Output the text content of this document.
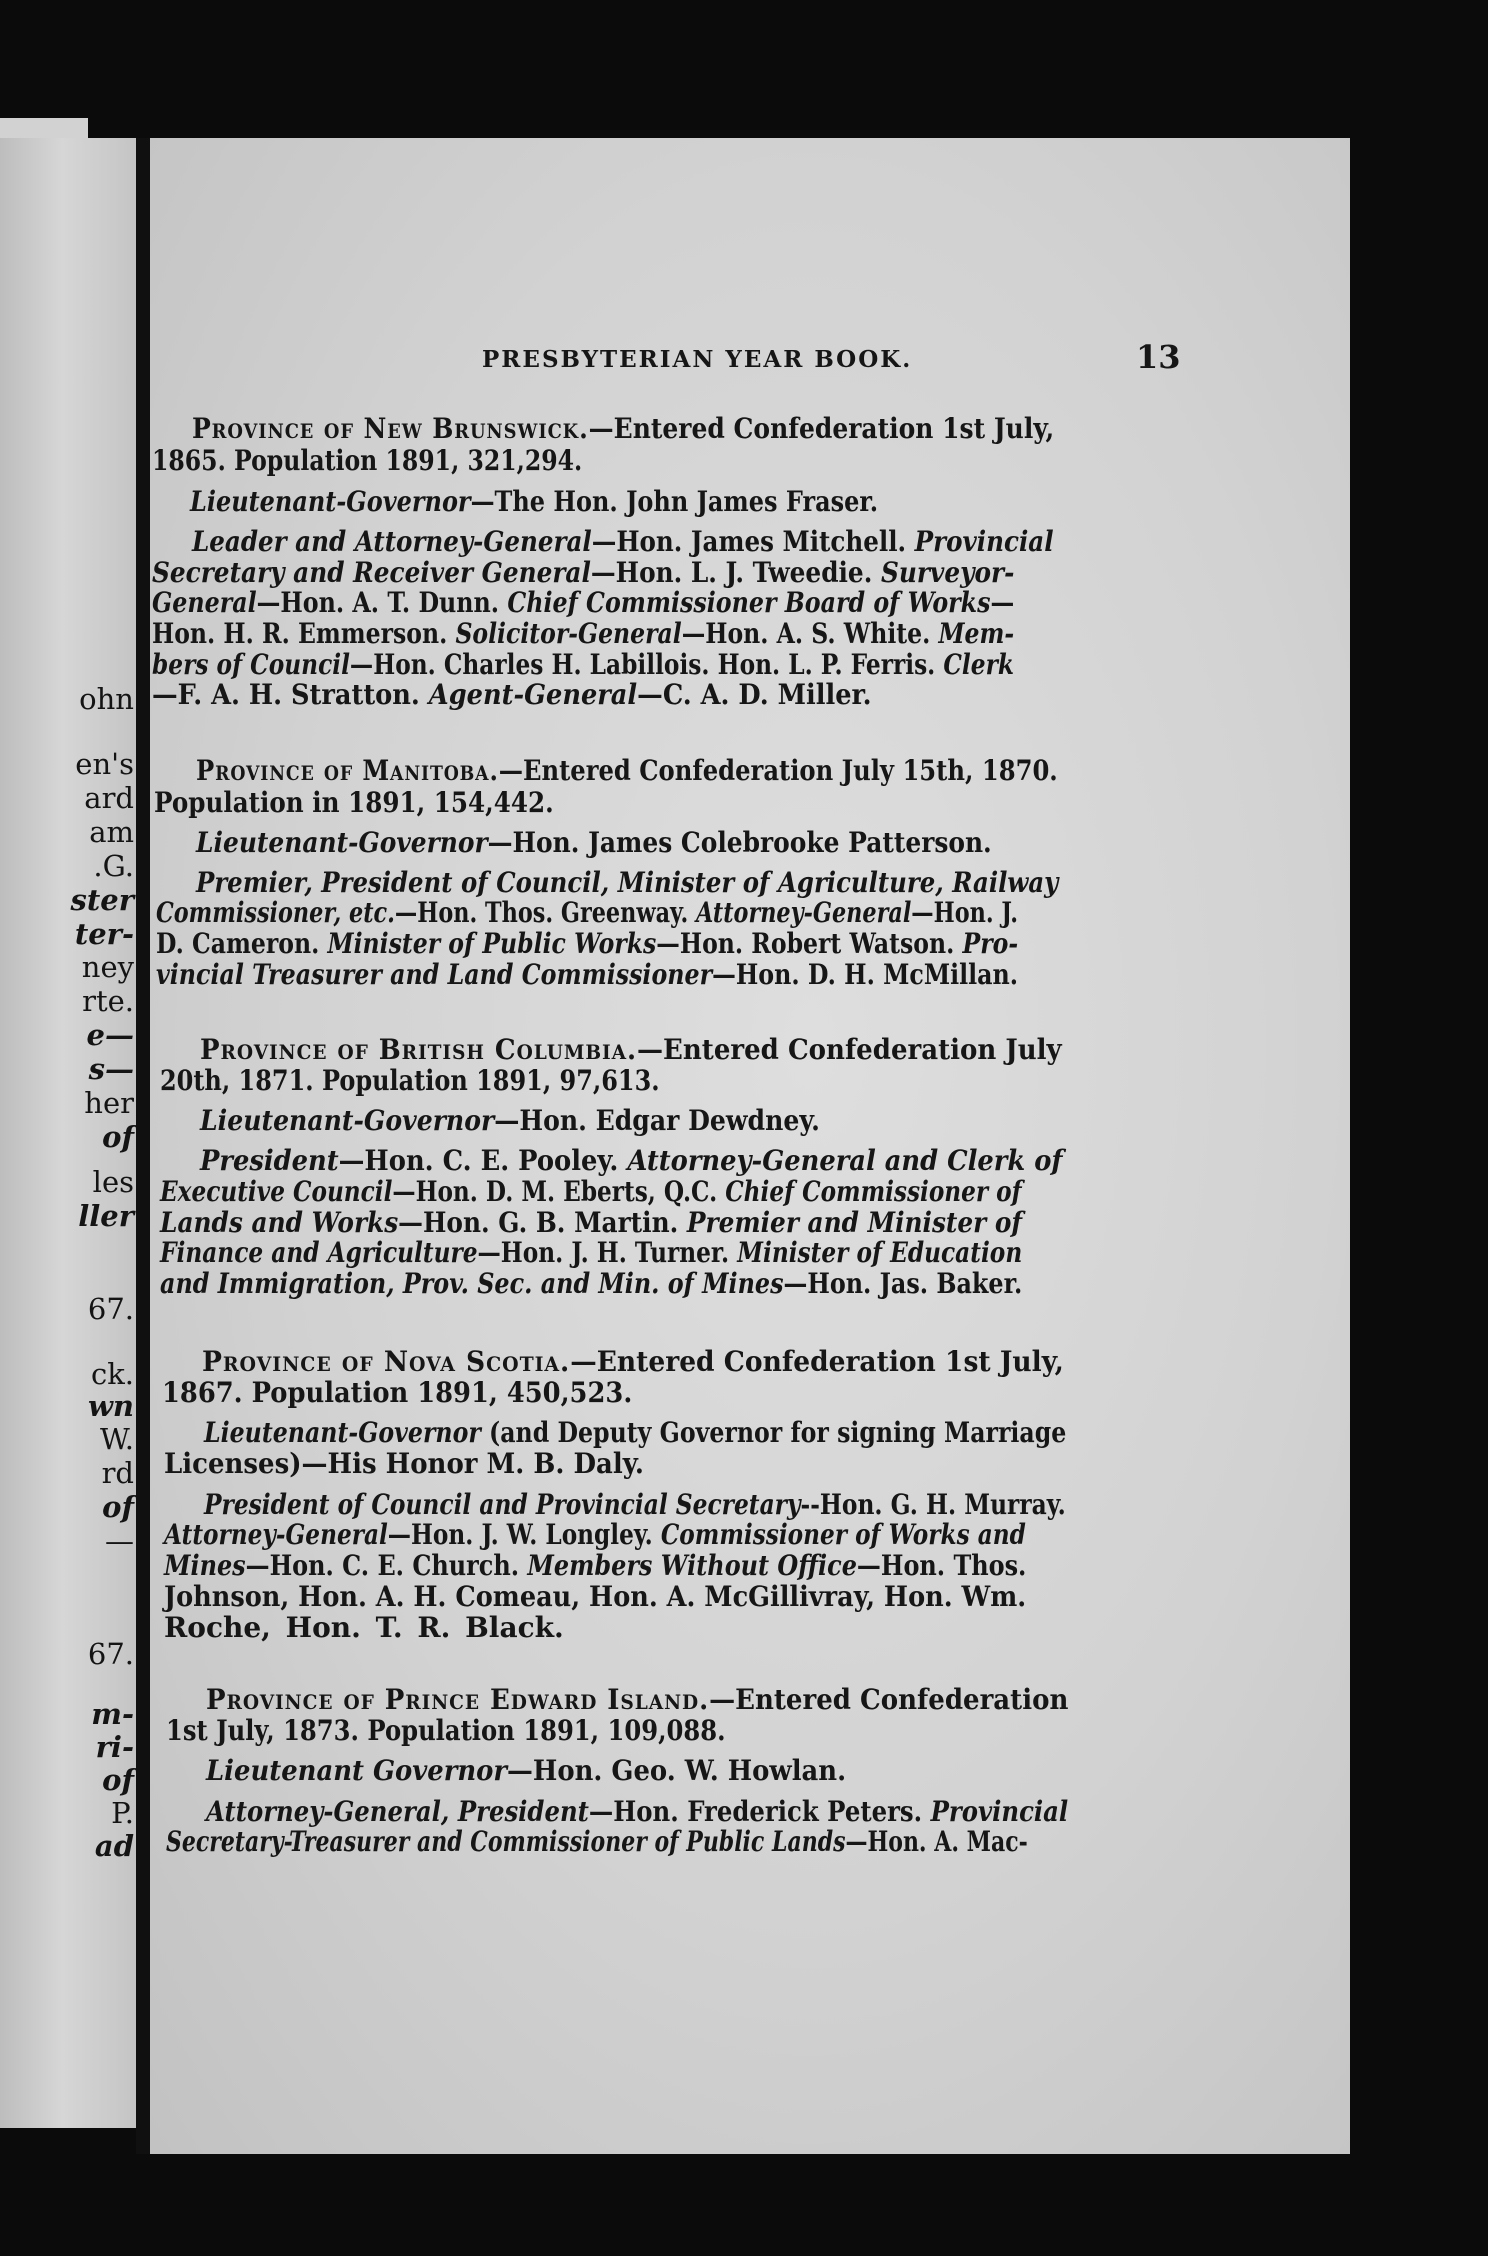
ohn
en's
ard
am
.G.
ster
ter-
ney
rte.
e—
s—
her
of
les
ller
67.
ck.
wn
W.
rd
of
—
67.
m-
ri-
of
P.
ad
PRESBYTERIAN YEAR BOOK.	13
Province of New Brunswick.—Entered Confederation 1st July,
1865. Population 1891, 321,294.
Lieutenant-Governor—The Hon. John James Fraser.
Leader and Attorney-General—Hon. James Mitchell. Provincial
Secretary and Receiver General—Hon. L. J. Tweedie. Surveyor-
General—Hon. A. T. Dunn. Chief Commissioner Board of Works—
Hon. H. R. Emmerson. Solicitor-General—Hon. A. S. White. Mem-
bers of Council—Hon. Charles H. Labillois. Hon. L. P. Ferris. Clerk
—F. A. H. Stratton. Agent-General—C. A. D. Miller.
Province of Manitoba.—Entered Confederation July 15th, 1870.
Population in 1891, 154,442.
Lieutenant-Governor—Hon. James Colebrooke Patterson.
Premier, President of Council, Minister of Agriculture, Railway
Commissioner, etc.—Hon. Thos. Greenway. Attorney-General—Hon. J.
D. Cameron. Minister of Public Works—Hon. Robert Watson. Pro-
vincial Treasurer and Land Commissioner—Hon. D. H. McMillan.
Province of British Columbia.—Entered Confederation July
20th, 1871. Population 1891, 97,613.
Lieutenant-Governor—Hon. Edgar Dewdney.
President—Hon. C. E. Pooley. Attorney-General and Clerk of
Executive Council—Hon. D. M. Eberts, Q.C. Chief Commissioner of
Lands and Works—Hon. G. B. Martin. Premier and Minister of
Finance and Agriculture—Hon. J. H. Turner. Minister of Education
and Immigration, Prov. Sec. and Min. of Mines—Hon. Jas. Baker.
Province of Nova Scotia.—Entered Confederation 1st July,
1867. Population 1891, 450,523.
Lieutenant-Governor (and Deputy Governor for signing Marriage
Licenses)—His Honor M. B. Daly.
President of Council and Provincial Secretary--Hon. G. H. Murray.
Attorney-General—Hon. J. W. Longley. Commissioner of Works and
Mines—Hon. C. E. Church. Members Without Office—Hon. Thos.
Johnson, Hon. A. H. Comeau, Hon. A. McGillivray, Hon. Wm.
Roche, Hon. T. R. Black.
Province of Prince Edward Island.—Entered Confederation
1st July, 1873. Population 1891, 109,088.
Lieutenant Governor—Hon. Geo. W. Howlan.
Attorney-General, President—Hon. Frederick Peters. Provincial
Secretary-Treasurer and Commissioner of Public Lands—Hon. A. Mac-
